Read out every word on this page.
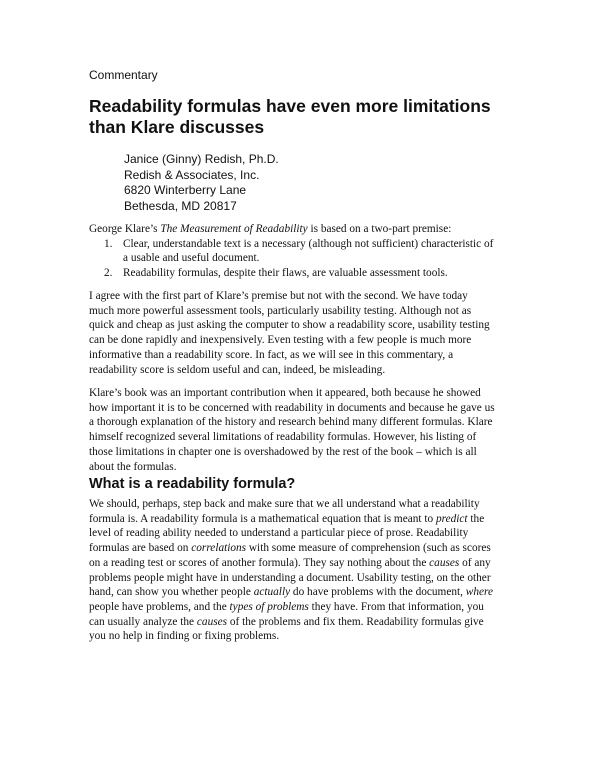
Commentary
Readability formulas have even more limitations than Klare discusses
Janice (Ginny) Redish, Ph.D.
Redish & Associates, Inc.
6820 Winterberry Lane
Bethesda, MD 20817

George Klare’s The Measurement of Readability is based on a two-part premise:

1. Clear, understandable text is a necessary (although not sufficient) characteristic of
a usable and useful document.
2. Readability formulas, despite their flaws, are valuable assessment tools.
I agree with the first part of Klare’s premise but not with the second. We have today
much more powerful assessment tools, particularly usability testing. Although not as
quick and cheap as just asking the computer to show a readability score, usability testing
can be done rapidly and inexpensively. Even testing with a few people is much more
informative than a readability score. In fact, as we will see in this commentary, a
readability score is seldom useful and can, indeed, be misleading.
Klare’s book was an important contribution when it appeared, both because he showed
how important it is to be concerned with readability in documents and because he gave us
a thorough explanation of the history and research behind many different formulas. Klare
himself recognized several limitations of readability formulas. However, his listing of
those limitations in chapter one is overshadowed by the rest of the book – which is all
about the formulas.
What is a readability formula?
We should, perhaps, step back and make sure that we all understand what a readability
formula is. A readability formula is a mathematical equation that is meant to predict the
level of reading ability needed to understand a particular piece of prose. Readability
formulas are based on correlations with some measure of comprehension (such as scores
on a reading test or scores of another formula). They say nothing about the causes of any
problems people might have in understanding a document. Usability testing, on the other
hand, can show you whether people actually do have problems with the document, where
people have problems, and the types of problems they have. From that information, you
can usually analyze the causes of the problems and fix them. Readability formulas give
you no help in finding or fixing problems.
